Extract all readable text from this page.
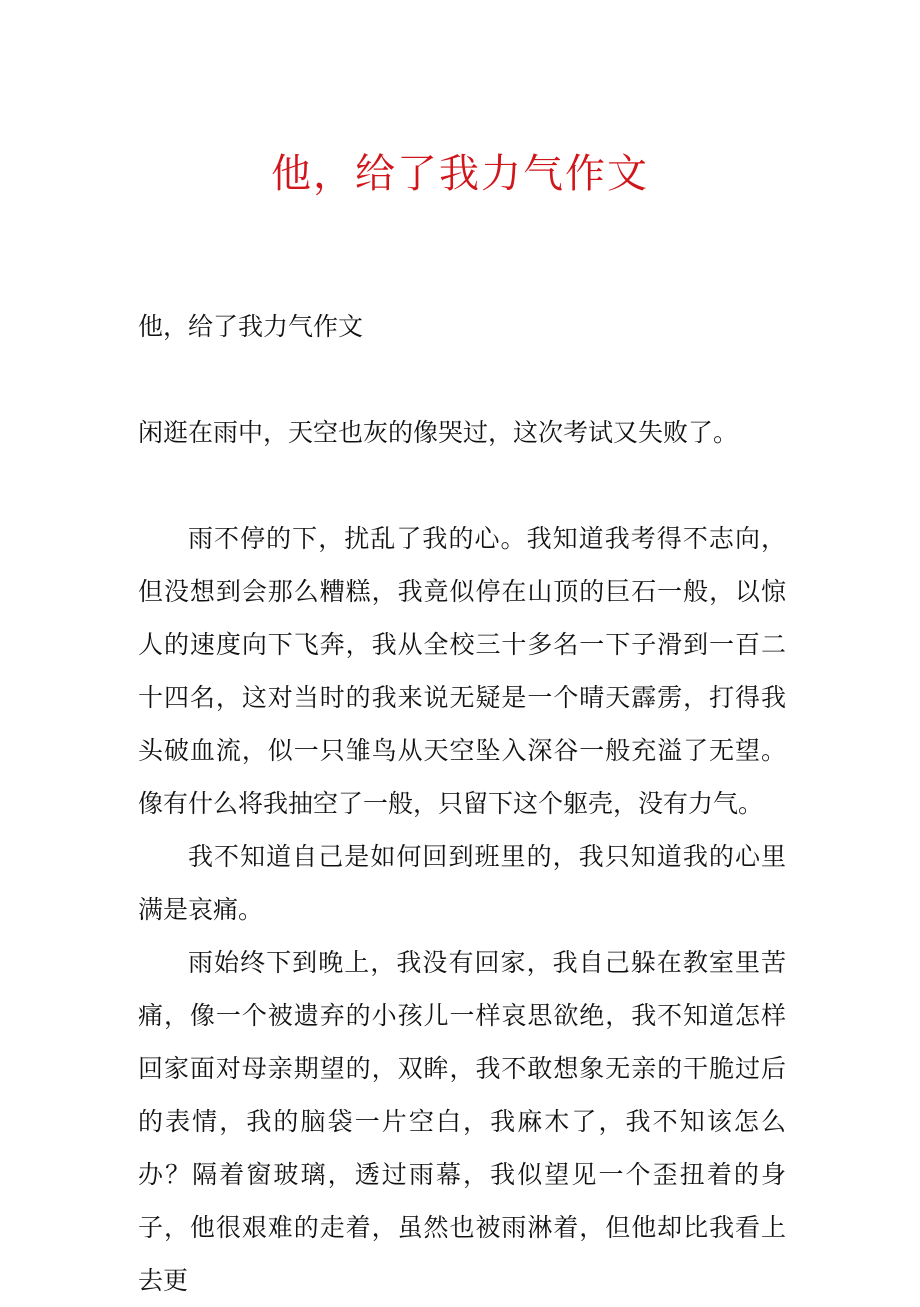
他，给了我力气作文

他，给了我力气作文

闲逛在雨中，天空也灰的像哭过，这次考试又失败了。

雨不停的下，扰乱了我的心。我知道我考得不志向，但没想到会那么糟糕，我竟似停在山顶的巨石一般，以惊人的速度向下飞奔，我从全校三十多名一下子滑到一百二十四名，这对当时的我来说无疑是一个晴天霹雳，打得我头破血流，似一只雏鸟从天空坠入深谷一般充溢了无望。像有什么将我抽空了一般，只留下这个躯壳，没有力气。

我不知道自己是如何回到班里的，我只知道我的心里满是哀痛。

雨始终下到晚上，我没有回家，我自己躲在教室里苦痛，像一个被遗弃的小孩儿一样哀思欲绝，我不知道怎样回家面对母亲期望的，双眸，我不敢想象无亲的干脆过后的表情，我的脑袋一片空白，我麻木了，我不知该怎么办？隔着窗玻璃，透过雨幕，我似望见一个歪扭着的身子，他很艰难的走着，虽然也被雨淋着，但他却比我看上去更
